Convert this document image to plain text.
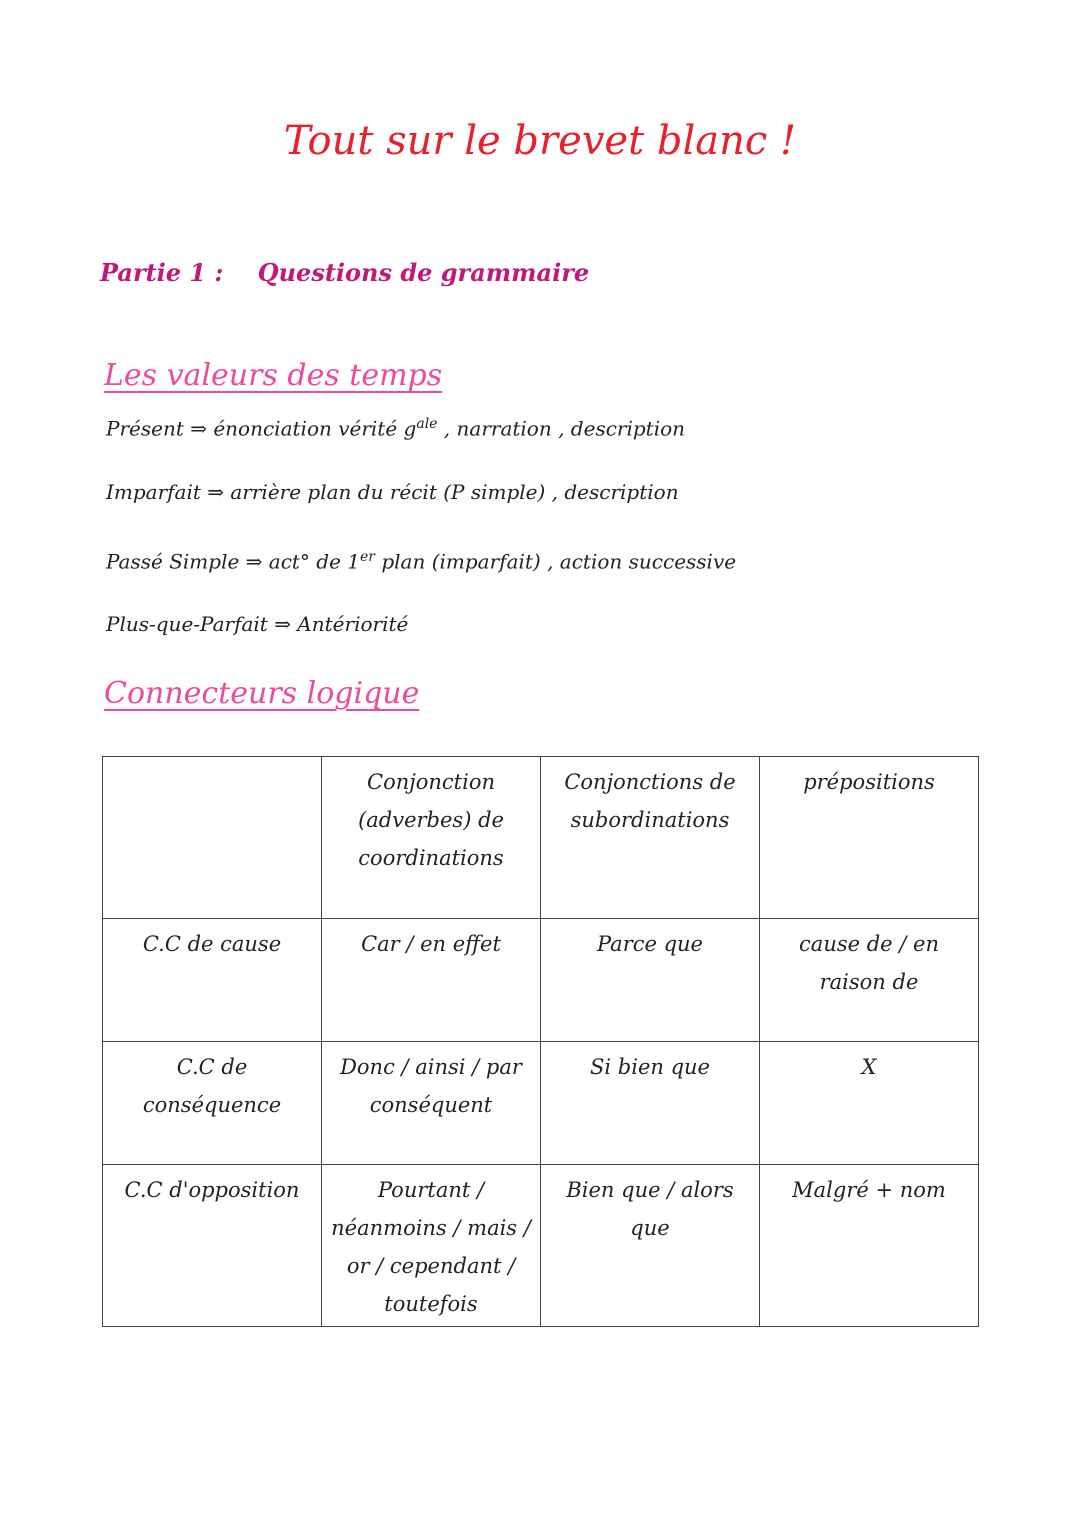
Tout sur le brevet blanc !
Partie 1 : Questions de grammaire
Les valeurs des temps
Présent ⇒ énonciation vérité $g^{ale}$ , narration , description
Imparfait ⇒ arrière plan du récit (P simple) , description
Passé Simple ⇒ act° de 1er plan (imparfait) , action successive
Plus-que-Parfait ⇒ Antériorité
Connecteurs logique
	Conjonction (adverbes) de coordinations	Conjonctions de subordinations	prépositions
C.C de cause	Car / en effet	Parce que	cause de / en raison de
C.C de conséquence	Donc / ainsi / par conséquent	Si bien que	X
C.C d'opposition	Pourtant / néanmoins / mais / or / cependant / toutefois	Bien que / alors que	Malgré + nom
